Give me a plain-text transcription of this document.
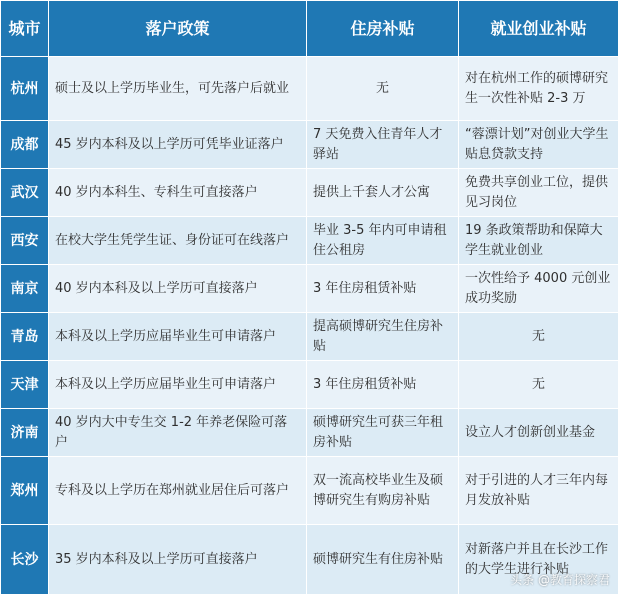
城市	落户政策	住房补贴	就业创业补贴
杭州	硕士及以上学历毕业生，可先落户后就业	无	对在杭州工作的硕博研究生一次性补贴 2-3 万
成都	45 岁内本科及以上学历可凭毕业证落户	7 天免费入住青年人才驿站	“蓉漂计划”对创业大学生贴息贷款支持
武汉	40 岁内本科生、专科生可直接落户	提供上千套人才公寓	免费共享创业工位，提供见习岗位
西安	在校大学生凭学生证、身份证可在线落户	毕业 3-5 年内可申请租住公租房	19 条政策帮助和保障大学生就业创业
南京	40 岁内本科及以上学历可直接落户	3 年住房租赁补贴	一次性给予 4000 元创业成功奖励
青岛	本科及以上学历应届毕业生可申请落户	提高硕博研究生住房补贴	无
天津	本科及以上学历应届毕业生可申请落户	3 年住房租赁补贴	无
济南	40 岁内大中专生交 1-2 年养老保险可落户	硕博研究生可获三年租房补贴	设立人才创新创业基金
郑州	专科及以上学历在郑州就业居住后可落户	双一流高校毕业生及硕博研究生有购房补贴	对于引进的人才三年内每月发放补贴
长沙	35 岁内本科及以上学历可直接落户	硕博研究生有住房补贴	对新落户并且在长沙工作的大学生进行补贴
头条 @教育探察君
